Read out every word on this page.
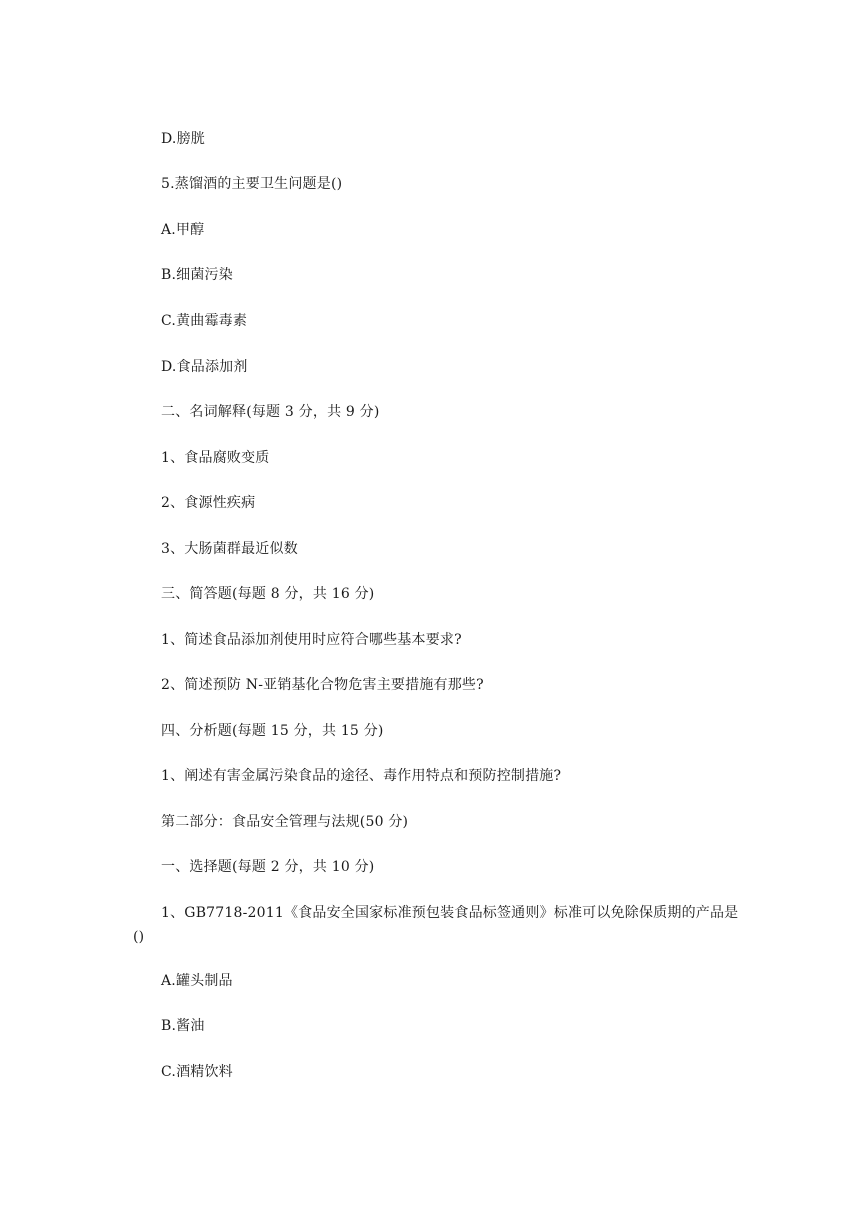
D.膀胱
5.蒸馏酒的主要卫生问题是()
A.甲醇
B.细菌污染
C.黄曲霉毒素
D.食品添加剂
二、名词解释(每题 3 分，共 9 分)
1、食品腐败变质
2、食源性疾病
3、大肠菌群最近似数
三、简答题(每题 8 分，共 16 分)
1、简述食品添加剂使用时应符合哪些基本要求?
2、简述预防 N-亚销基化合物危害主要措施有那些?
四、分析题(每题 15 分，共 15 分)
1、阐述有害金属污染食品的途径、毒作用特点和预防控制措施?
第二部分：食品安全管理与法规(50 分)
一、选择题(每题 2 分，共 10 分)
1、GB7718-2011《食品安全国家标准预包装食品标签通则》标准可以免除保质期的产品是()
A.罐头制品
B.酱油
C.酒精饮料
